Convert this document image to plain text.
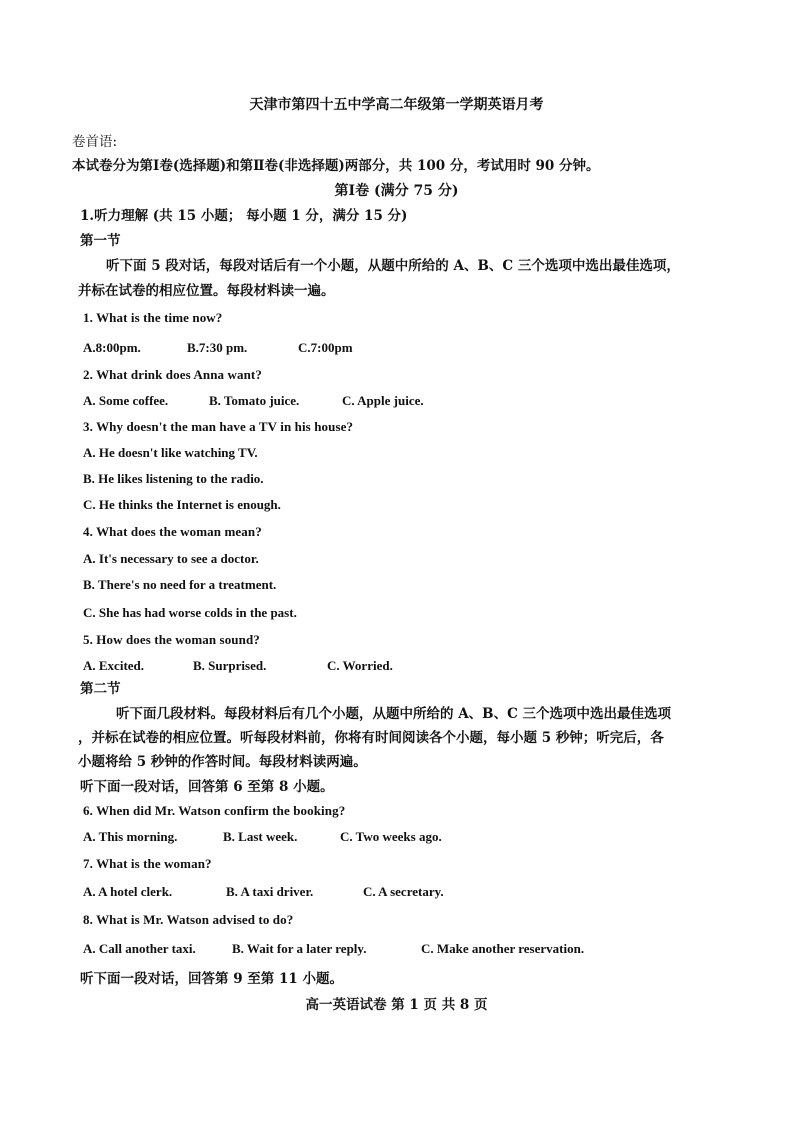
天津市第四十五中学高二年级第一学期英语月考
卷首语:
本试卷分为第Ⅰ卷(选择题)和第Ⅱ卷(非选择题)两部分，共 100 分，考试用时 90 分钟。
第Ⅰ卷 (满分 75 分)
1.听力理解 (共 15 小题； 每小题 1 分，满分 15 分)
第一节
听下面 5 段对话，每段对话后有一个小题，从题中所给的 A、B、C 三个选项中选出最佳选项，
并标在试卷的相应位置。每段材料读一遍。
1. What is the time now?
A.8:00pm.	B.7:30 pm.	C.7:00pm
2. What drink does Anna want?
A. Some coffee.	B. Tomato juice.	C. Apple juice.
3. Why doesn't the man have a TV in his house?
A. He doesn't like watching TV.
B. He likes listening to the radio.
C. He thinks the Internet is enough.
4. What does the woman mean?
A. It's necessary to see a doctor.
B. There's no need for a treatment.
C. She has had worse colds in the past.
5. How does the woman sound?
A. Excited.	B. Surprised.	C. Worried.
第二节
听下面几段材料。每段材料后有几个小题，从题中所给的 A、B、C 三个选项中选出最佳选项
，并标在试卷的相应位置。听每段材料前，你将有时间阅读各个小题，每小题 5 秒钟；听完后，各
小题将给 5 秒钟的作答时间。每段材料读两遍。
听下面一段对话，回答第 6 至第 8 小题。
6. When did Mr. Watson confirm the booking?
A. This morning.	B. Last week.	C. Two weeks ago.
7. What is the woman?
A. A hotel clerk.	B. A taxi driver.	C. A secretary.
8. What is Mr. Watson advised to do?
A. Call another taxi.	B. Wait for a later reply.	C. Make another reservation.
听下面一段对话，回答第 9 至第 11 小题。
高一英语试卷 第 1 页 共 8 页
